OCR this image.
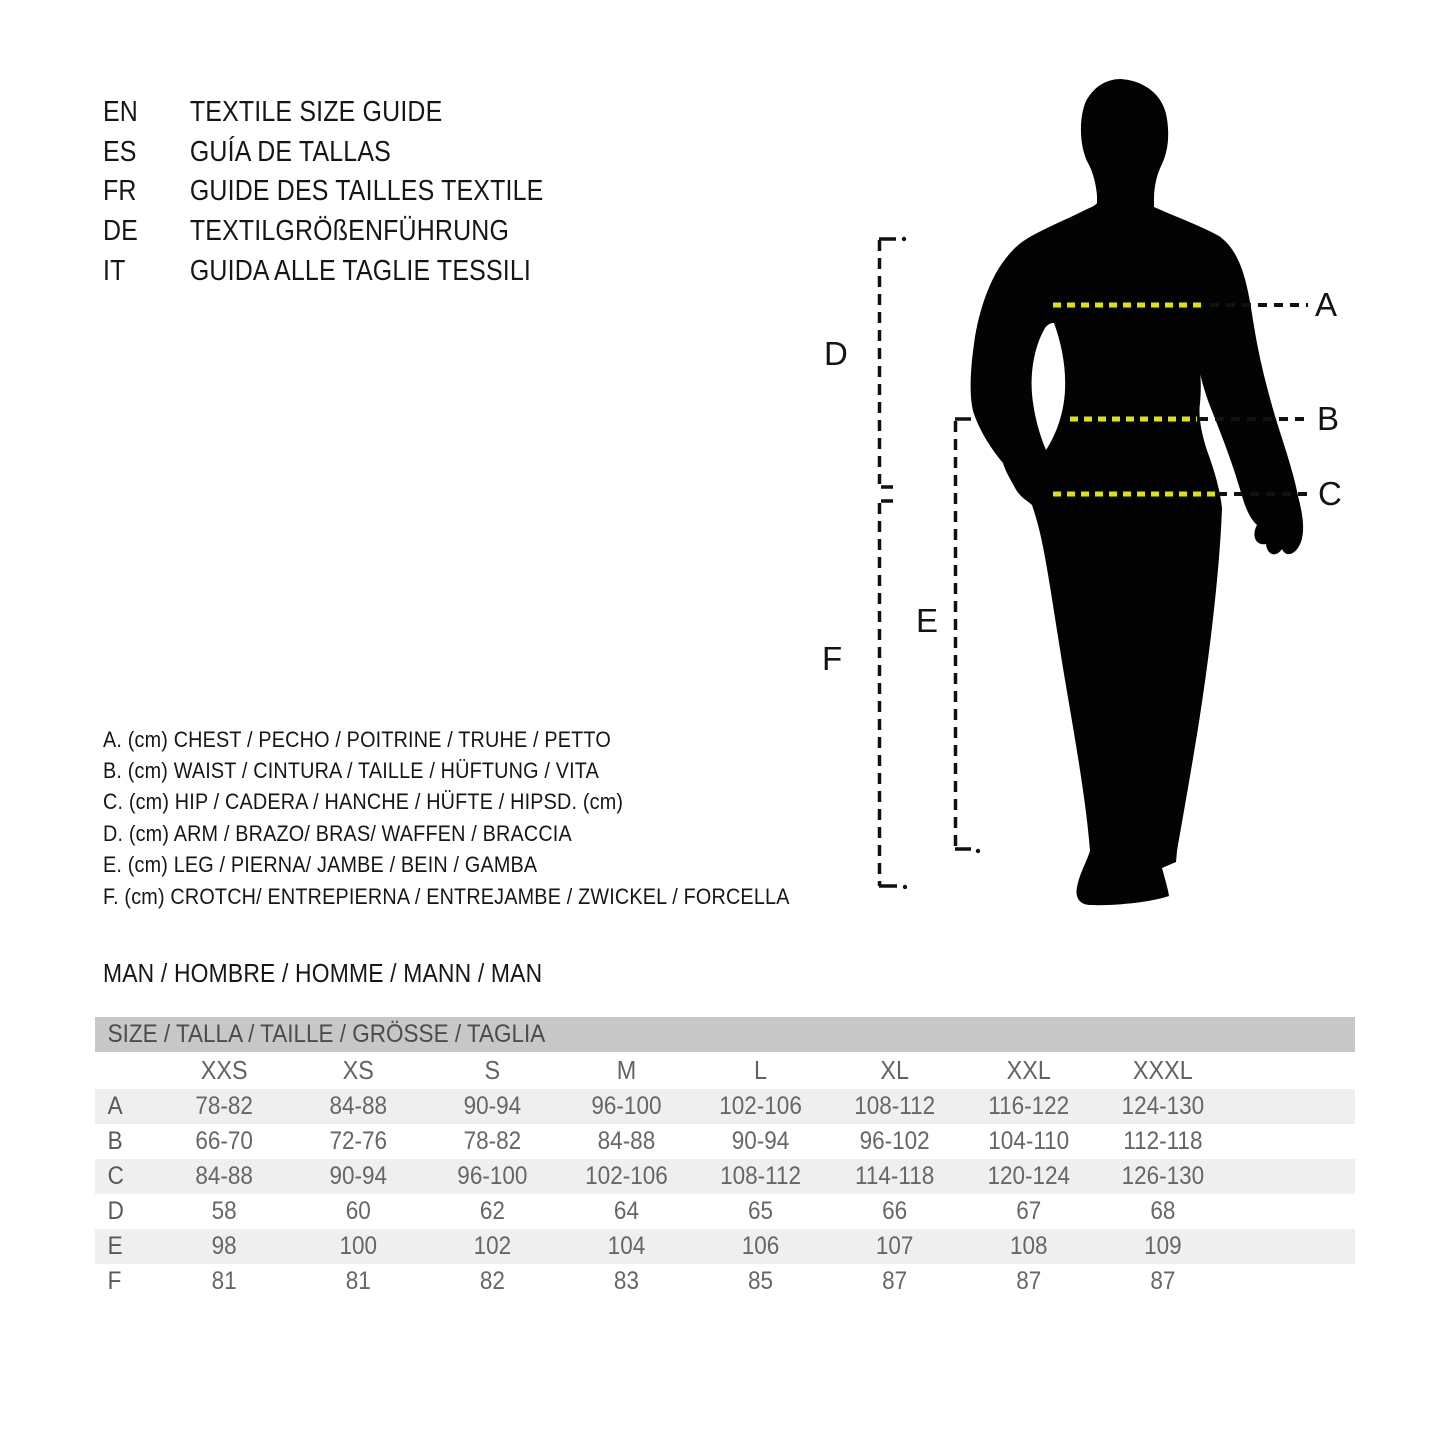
A
B
C
D
F
E
EN	TEXTILE SIZE GUIDE
ES	GUÍA DE TALLAS
FR	GUIDE DES TAILLES TEXTILE
DE	TEXTILGRÖßENFÜHRUNG
IT	GUIDA ALLE TAGLIE TESSILI
A. (cm) CHEST / PECHO / POITRINE / TRUHE / PETTO
B. (cm) WAIST / CINTURA / TAILLE / HÜFTUNG / VITA
C. (cm) HIP / CADERA / HANCHE / HÜFTE / HIPSD. (cm)
D. (cm) ARM / BRAZO/ BRAS/ WAFFEN / BRACCIA
E. (cm) LEG / PIERNA/ JAMBE / BEIN / GAMBA
F. (cm) CROTCH/ ENTREPIERNA / ENTREJAMBE / ZWICKEL / FORCELLA
MAN / HOMBRE / HOMME / MANN / MAN
SIZE / TALLA / TAILLE / GRÖSSE / TAGLIA
XXS	XS	S	M	L	XL	XXL	XXXL
A	78-82	84-88	90-94	96-100	102-106	108-112	116-122	124-130
B	66-70	72-76	78-82	84-88	90-94	96-102	104-110	112-118
C	84-88	90-94	96-100	102-106	108-112	114-118	120-124	126-130
D	58	60	62	64	65	66	67	68
E	98	100	102	104	106	107	108	109
F	81	81	82	83	85	87	87	87
